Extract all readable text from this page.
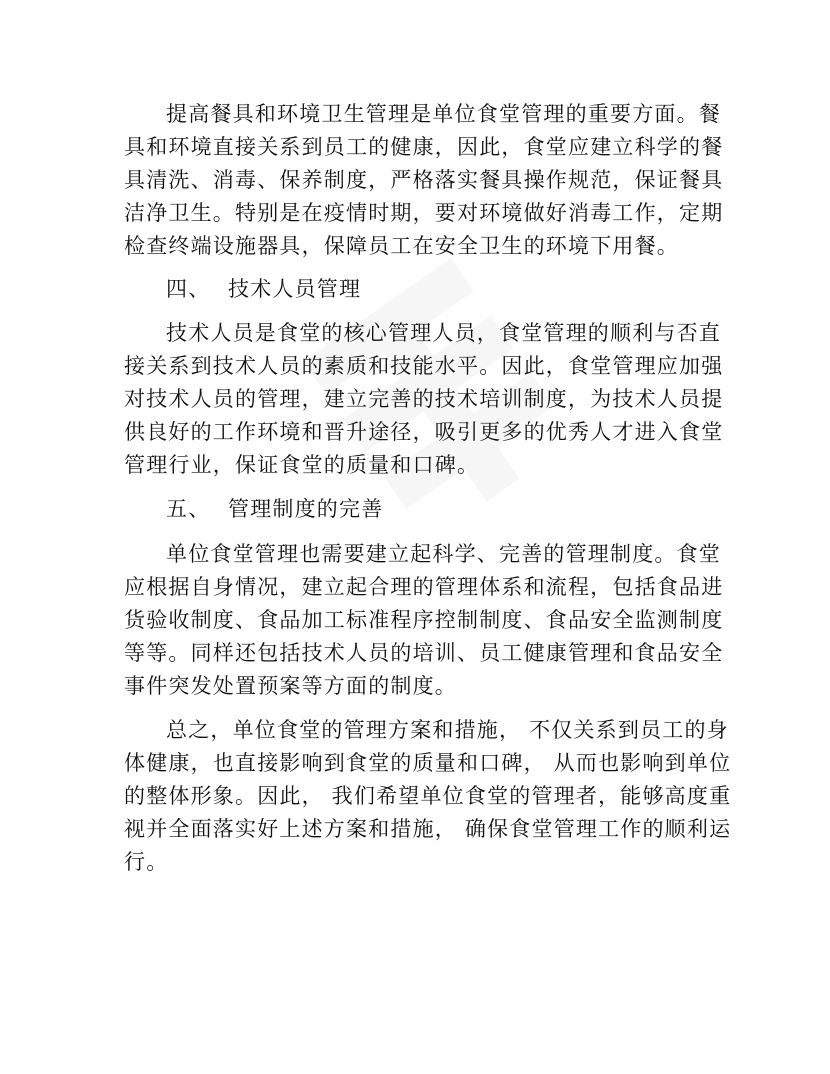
提高餐具和环境卫生管理是单位食堂管理的重要方面。餐
具和环境直接关系到员工的健康，因此，食堂应建立科学的餐
具清洗、消毒、保养制度，严格落实餐具操作规范，保证餐具
洁净卫生。特别是在疫情时期，要对环境做好消毒工作，定期
检查终端设施器具，保障员工在安全卫生的环境下用餐。
四、 技术人员管理
技术人员是食堂的核心管理人员，食堂管理的顺利与否直
接关系到技术人员的素质和技能水平。因此，食堂管理应加强
对技术人员的管理，建立完善的技术培训制度，为技术人员提
供良好的工作环境和晋升途径，吸引更多的优秀人才进入食堂
管理行业，保证食堂的质量和口碑。
五、 管理制度的完善
单位食堂管理也需要建立起科学、完善的管理制度。食堂
应根据自身情况，建立起合理的管理体系和流程，包括食品进
货验收制度、食品加工标准程序控制制度、食品安全监测制度
等等。同样还包括技术人员的培训、员工健康管理和食品安全
事件突发处置预案等方面的制度。
总之，单位食堂的管理方案和措施， 不仅关系到员工的身
体健康，也直接影响到食堂的质量和口碑， 从而也影响到单位
的整体形象。因此， 我们希望单位食堂的管理者，能够高度重
视并全面落实好上述方案和措施， 确保食堂管理工作的顺利运
行。
